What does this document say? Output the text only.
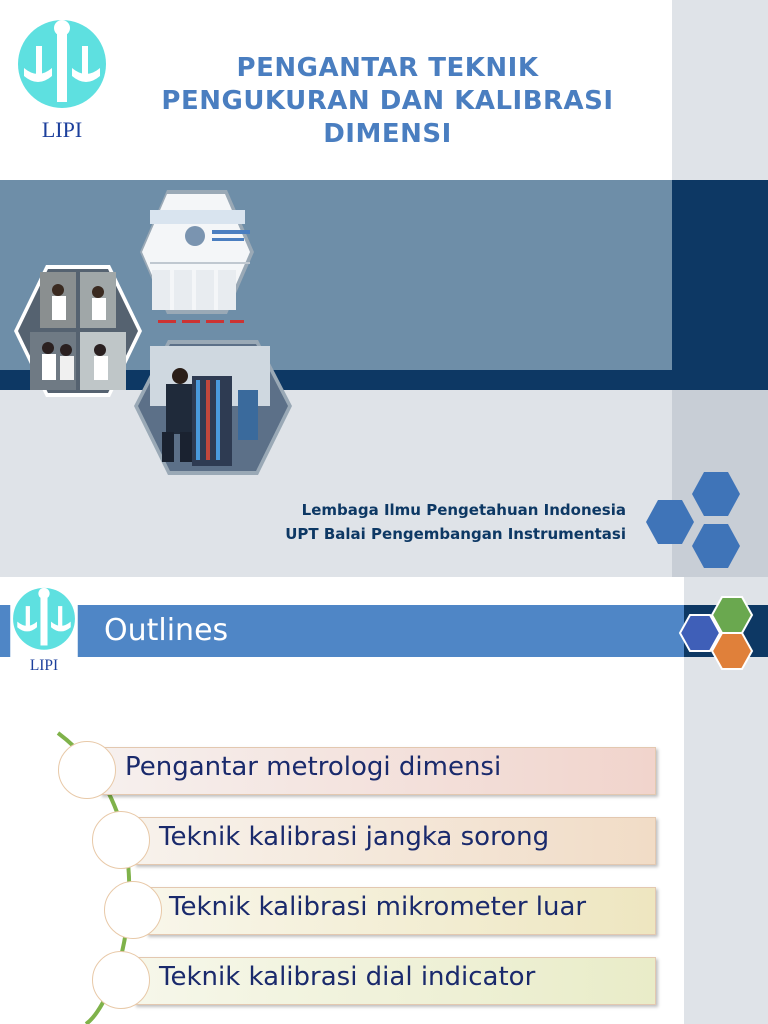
LIPI
PENGANTAR TEKNIK
PENGUKURAN DAN KALIBRASI
DIMENSI
Lembaga Ilmu Pengetahuan Indonesia
UPT Balai Pengembangan Instrumentasi
LIPI
Outlines
Pengantar metrologi dimensi
Teknik kalibrasi jangka sorong
Teknik kalibrasi mikrometer luar
Teknik kalibrasi dial indicator
